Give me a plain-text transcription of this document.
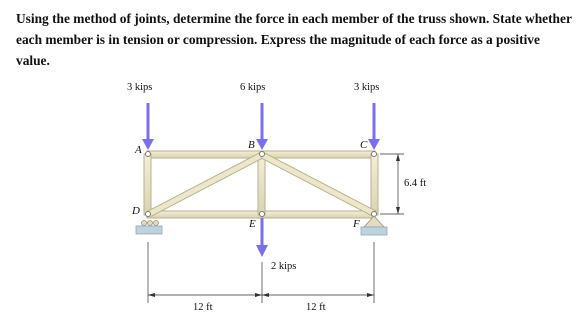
Using the method of joints, determine the force in each member of the truss shown. State whether each member is in tension or compression. Express the magnitude of each force as a positive value.

3 kips	6 kips	3 kips
2 kips
A	B	C
D
E	F
6.4 ft
12 ft	12 ft
